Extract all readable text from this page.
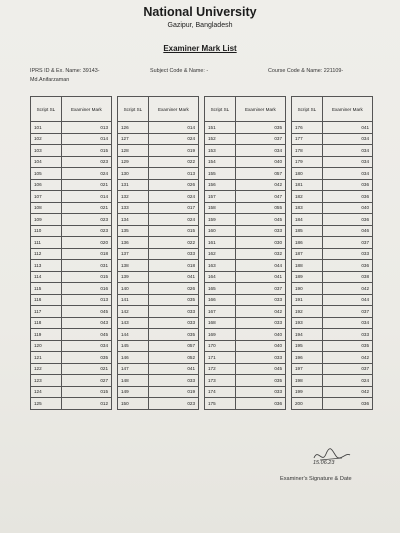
National University
Gazipur, Bangladesh
Examiner Mark List
IPRS ID & Ex. Name: 39143-
Md.Anifarzaman
Subject Code & Name: -	Course Code & Name: 221109-
Script SL	Examiner Mark
101	013
102	014
103	015
104	023
105	024
106	021
107	014
108	021
109	023
110	023
111	020
112	018
113	031
114	015
115	016
116	013
117	045
118	043
119	045
120	034
121	035
122	021
123	027
124	015
125	012
Script SL	Examiner Mark
126	014
127	024
128	019
129	022
130	013
131	026
132	024
133	017
134	024
135	015
136	022
137	033
138	018
139	041
140	026
141	035
142	033
143	033
144	035
145	057
146	052
147	041
148	033
149	019
150	023
Script SL	Examiner Mark
151	035
152	037
153	034
154	040
155	057
156	042
157	047
158	055
159	045
160	033
161	030
162	032
163	044
164	041
165	037
166	033
167	042
168	033
169	040
170	040
171	033
172	045
173	035
174	033
175	036
Script SL	Examiner Mark
176	041
177	034
178	034
179	034
180	034
181	036
182	036
183	040
184	036
185	046
186	037
187	033
188	036
189	038
190	042
191	044
192	037
193	034
194	033
195	035
196	042
197	037
198	024
199	042
200	036
15.06.23
Examiner's Signature & Date
